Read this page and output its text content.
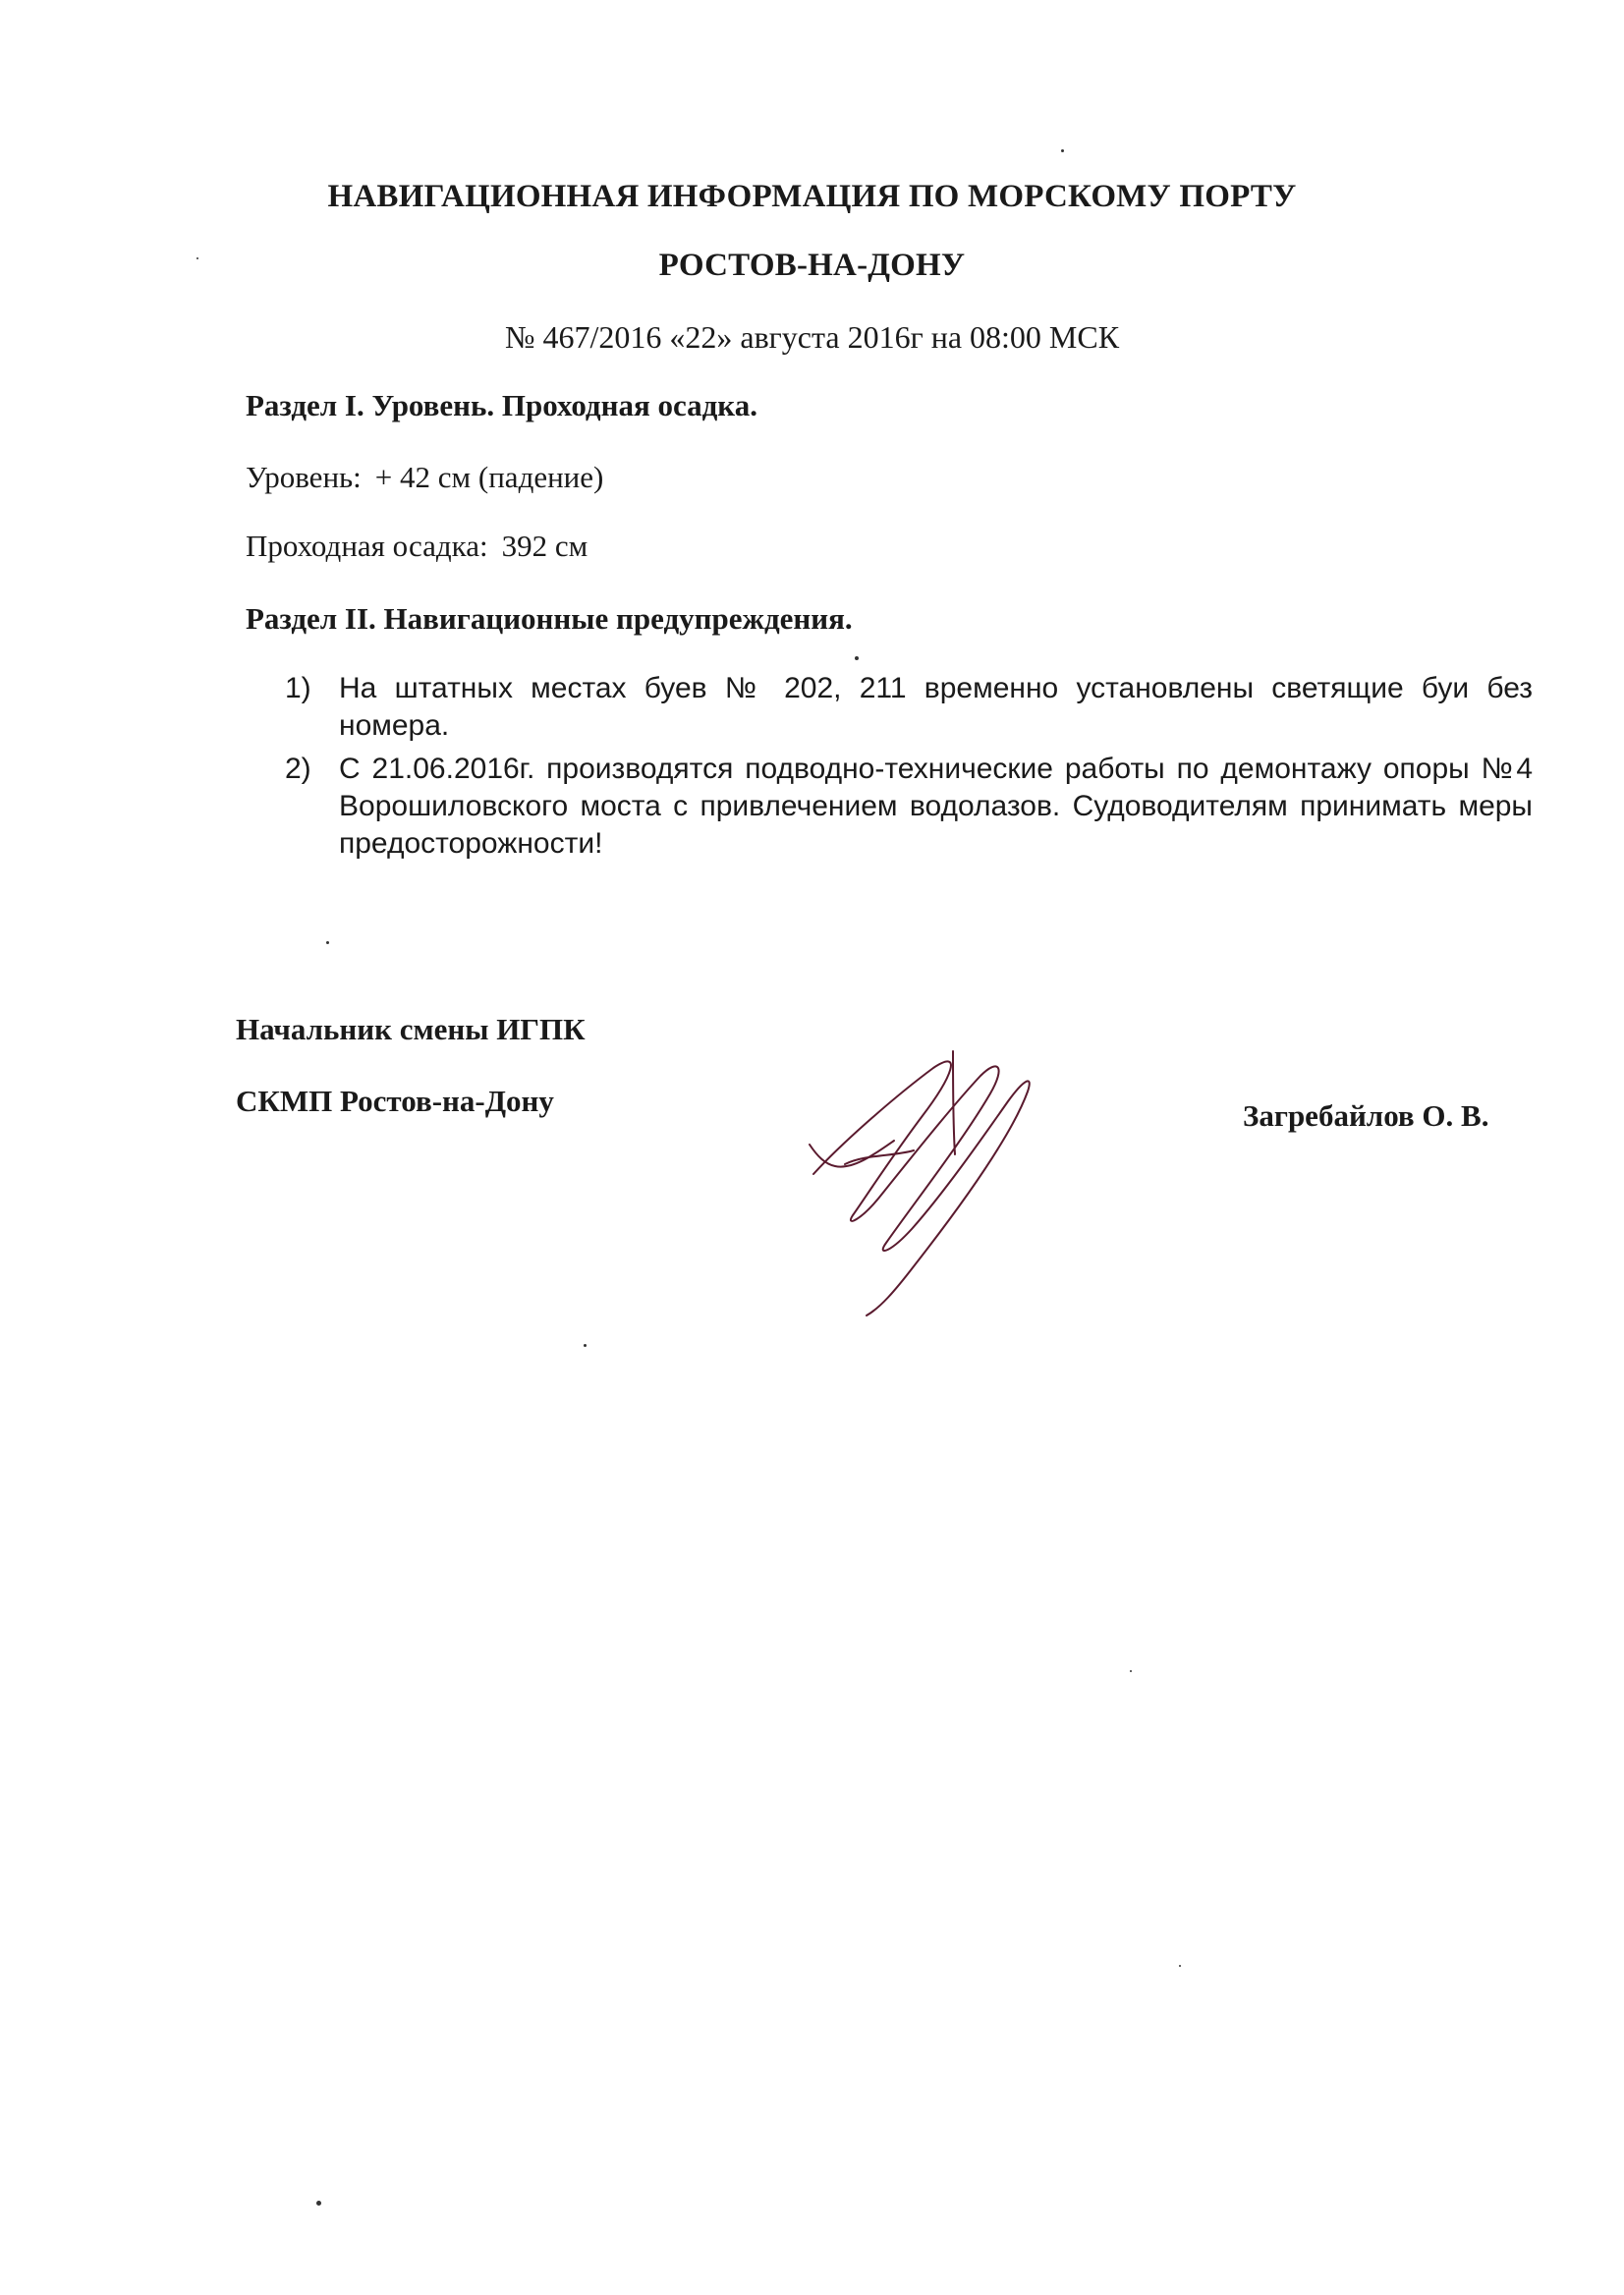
НАВИГАЦИОННАЯ ИНФОРМАЦИЯ ПО МОРСКОМУ ПОРТУ
РОСТОВ-НА-ДОНУ
№ 467/2016 «22» августа 2016г на 08:00 МСК
Раздел I. Уровень. Проходная осадка.
Уровень: + 42 см (падение)
Проходная осадка: 392 см
Раздел II. Навигационные предупреждения.
1) На штатных местах буев № 202, 211 временно установлены светящие буи без номера.
2) С 21.06.2016г. производятся подводно-технические работы по демонтажу опоры №4 Ворошиловского моста с привлечением водолазов. Судоводителям принимать меры предосторожности!
Начальник смены ИГПК
СКМП Ростов-на-Дону	Загребайлов О. В.
